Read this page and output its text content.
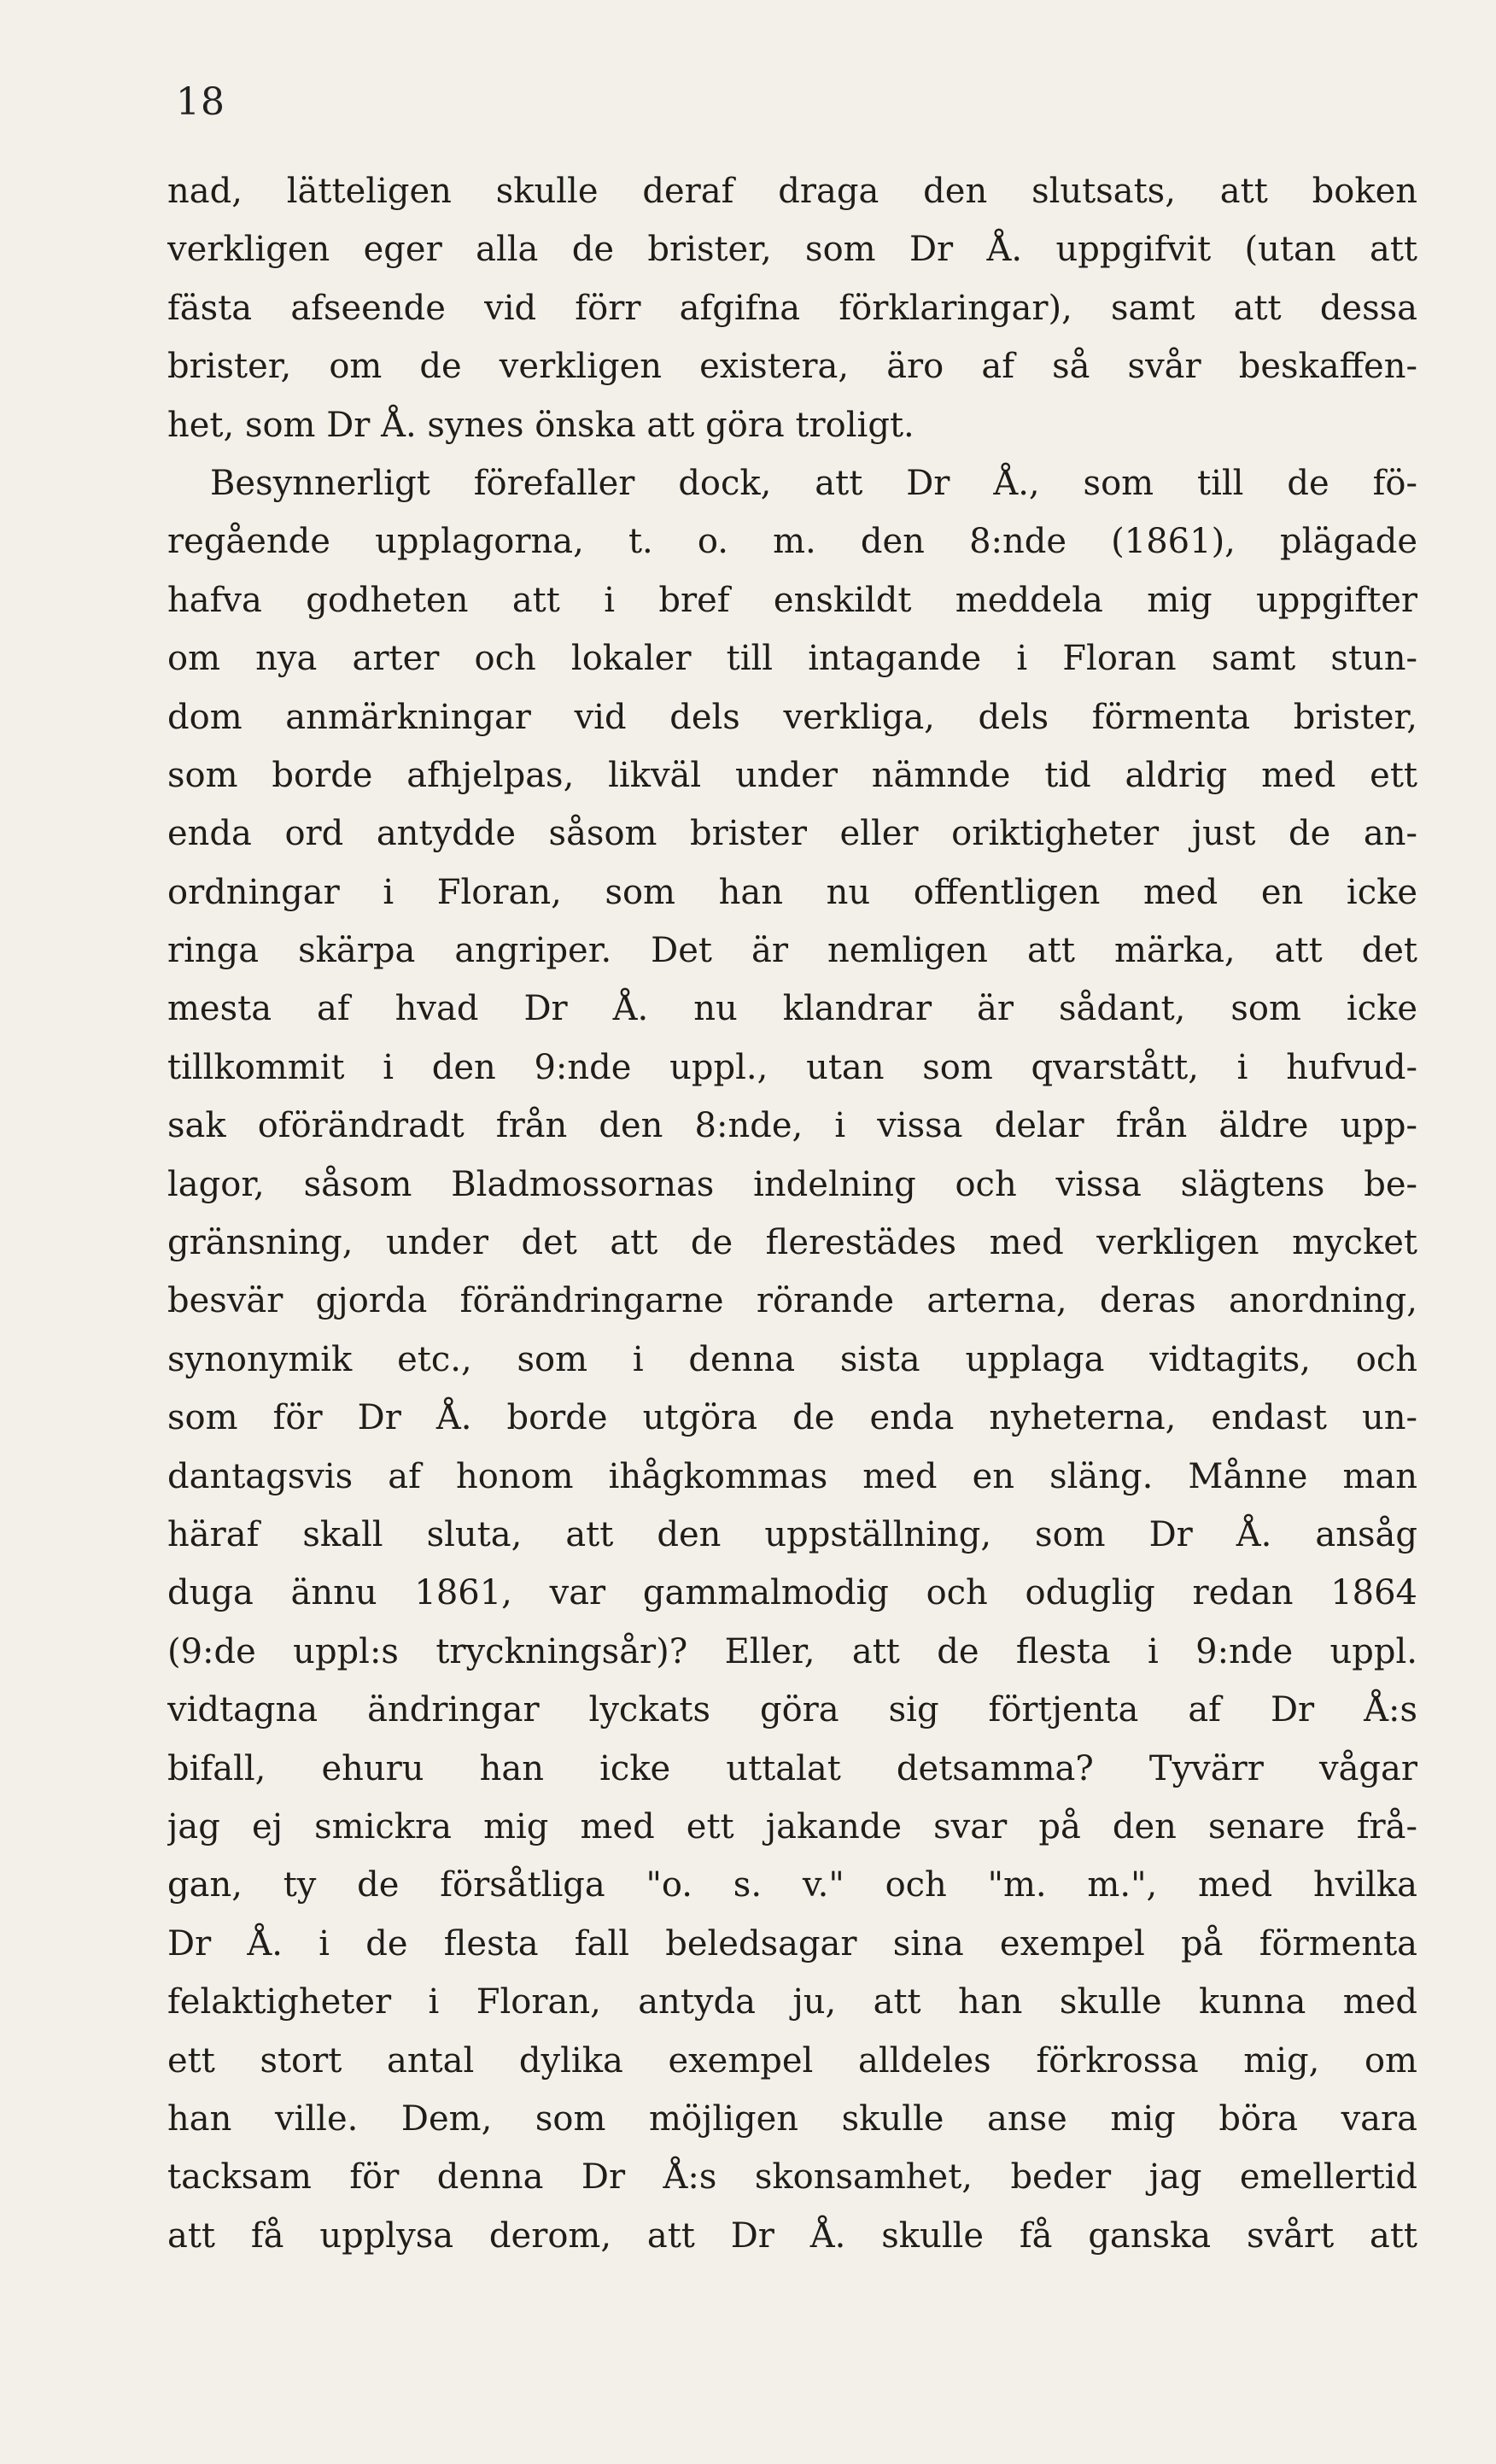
18
nad, lätteligen skulle deraf draga den slutsats, att boken
verkligen eger alla de brister, som Dr Å. uppgifvit (utan att
fästa afseende vid förr afgifna förklaringar), samt att dessa
brister, om de verkligen existera, äro af så svår beskaffen-
het, som Dr Å. synes önska att göra troligt.
Besynnerligt förefaller dock, att Dr Å., som till de fö-
regående upplagorna, t. o. m. den 8:nde (1861), plägade
hafva godheten att i bref enskildt meddela mig uppgifter
om nya arter och lokaler till intagande i Floran samt stun-
dom anmärkningar vid dels verkliga, dels förmenta brister,
som borde afhjelpas, likväl under nämnde tid aldrig med ett
enda ord antydde såsom brister eller oriktigheter just de an-
ordningar i Floran, som han nu offentligen med en icke
ringa skärpa angriper. Det är nemligen att märka, att det
mesta af hvad Dr Å. nu klandrar är sådant, som icke
tillkommit i den 9:nde uppl., utan som qvarstått, i hufvud-
sak oförändradt från den 8:nde, i vissa delar från äldre upp-
lagor, såsom Bladmossornas indelning och vissa slägtens be-
gränsning, under det att de flerestädes med verkligen mycket
besvär gjorda förändringarne rörande arterna, deras anordning,
synonymik etc., som i denna sista upplaga vidtagits, och
som för Dr Å. borde utgöra de enda nyheterna, endast un-
dantagsvis af honom ihågkommas med en släng. Månne man
häraf skall sluta, att den uppställning, som Dr Å. ansåg
duga ännu 1861, var gammalmodig och oduglig redan 1864
(9:de uppl:s tryckningsår)? Eller, att de flesta i 9:nde uppl.
vidtagna ändringar lyckats göra sig förtjenta af Dr Å:s
bifall, ehuru han icke uttalat detsamma? Tyvärr vågar
jag ej smickra mig med ett jakande svar på den senare frå-
gan, ty de försåtliga "o. s. v." och "m. m.", med hvilka
Dr Å. i de flesta fall beledsagar sina exempel på förmenta
felaktigheter i Floran, antyda ju, att han skulle kunna med
ett stort antal dylika exempel alldeles förkrossa mig, om
han ville. Dem, som möjligen skulle anse mig böra vara
tacksam för denna Dr Å:s skonsamhet, beder jag emellertid
att få upplysa derom, att Dr Å. skulle få ganska svårt att
